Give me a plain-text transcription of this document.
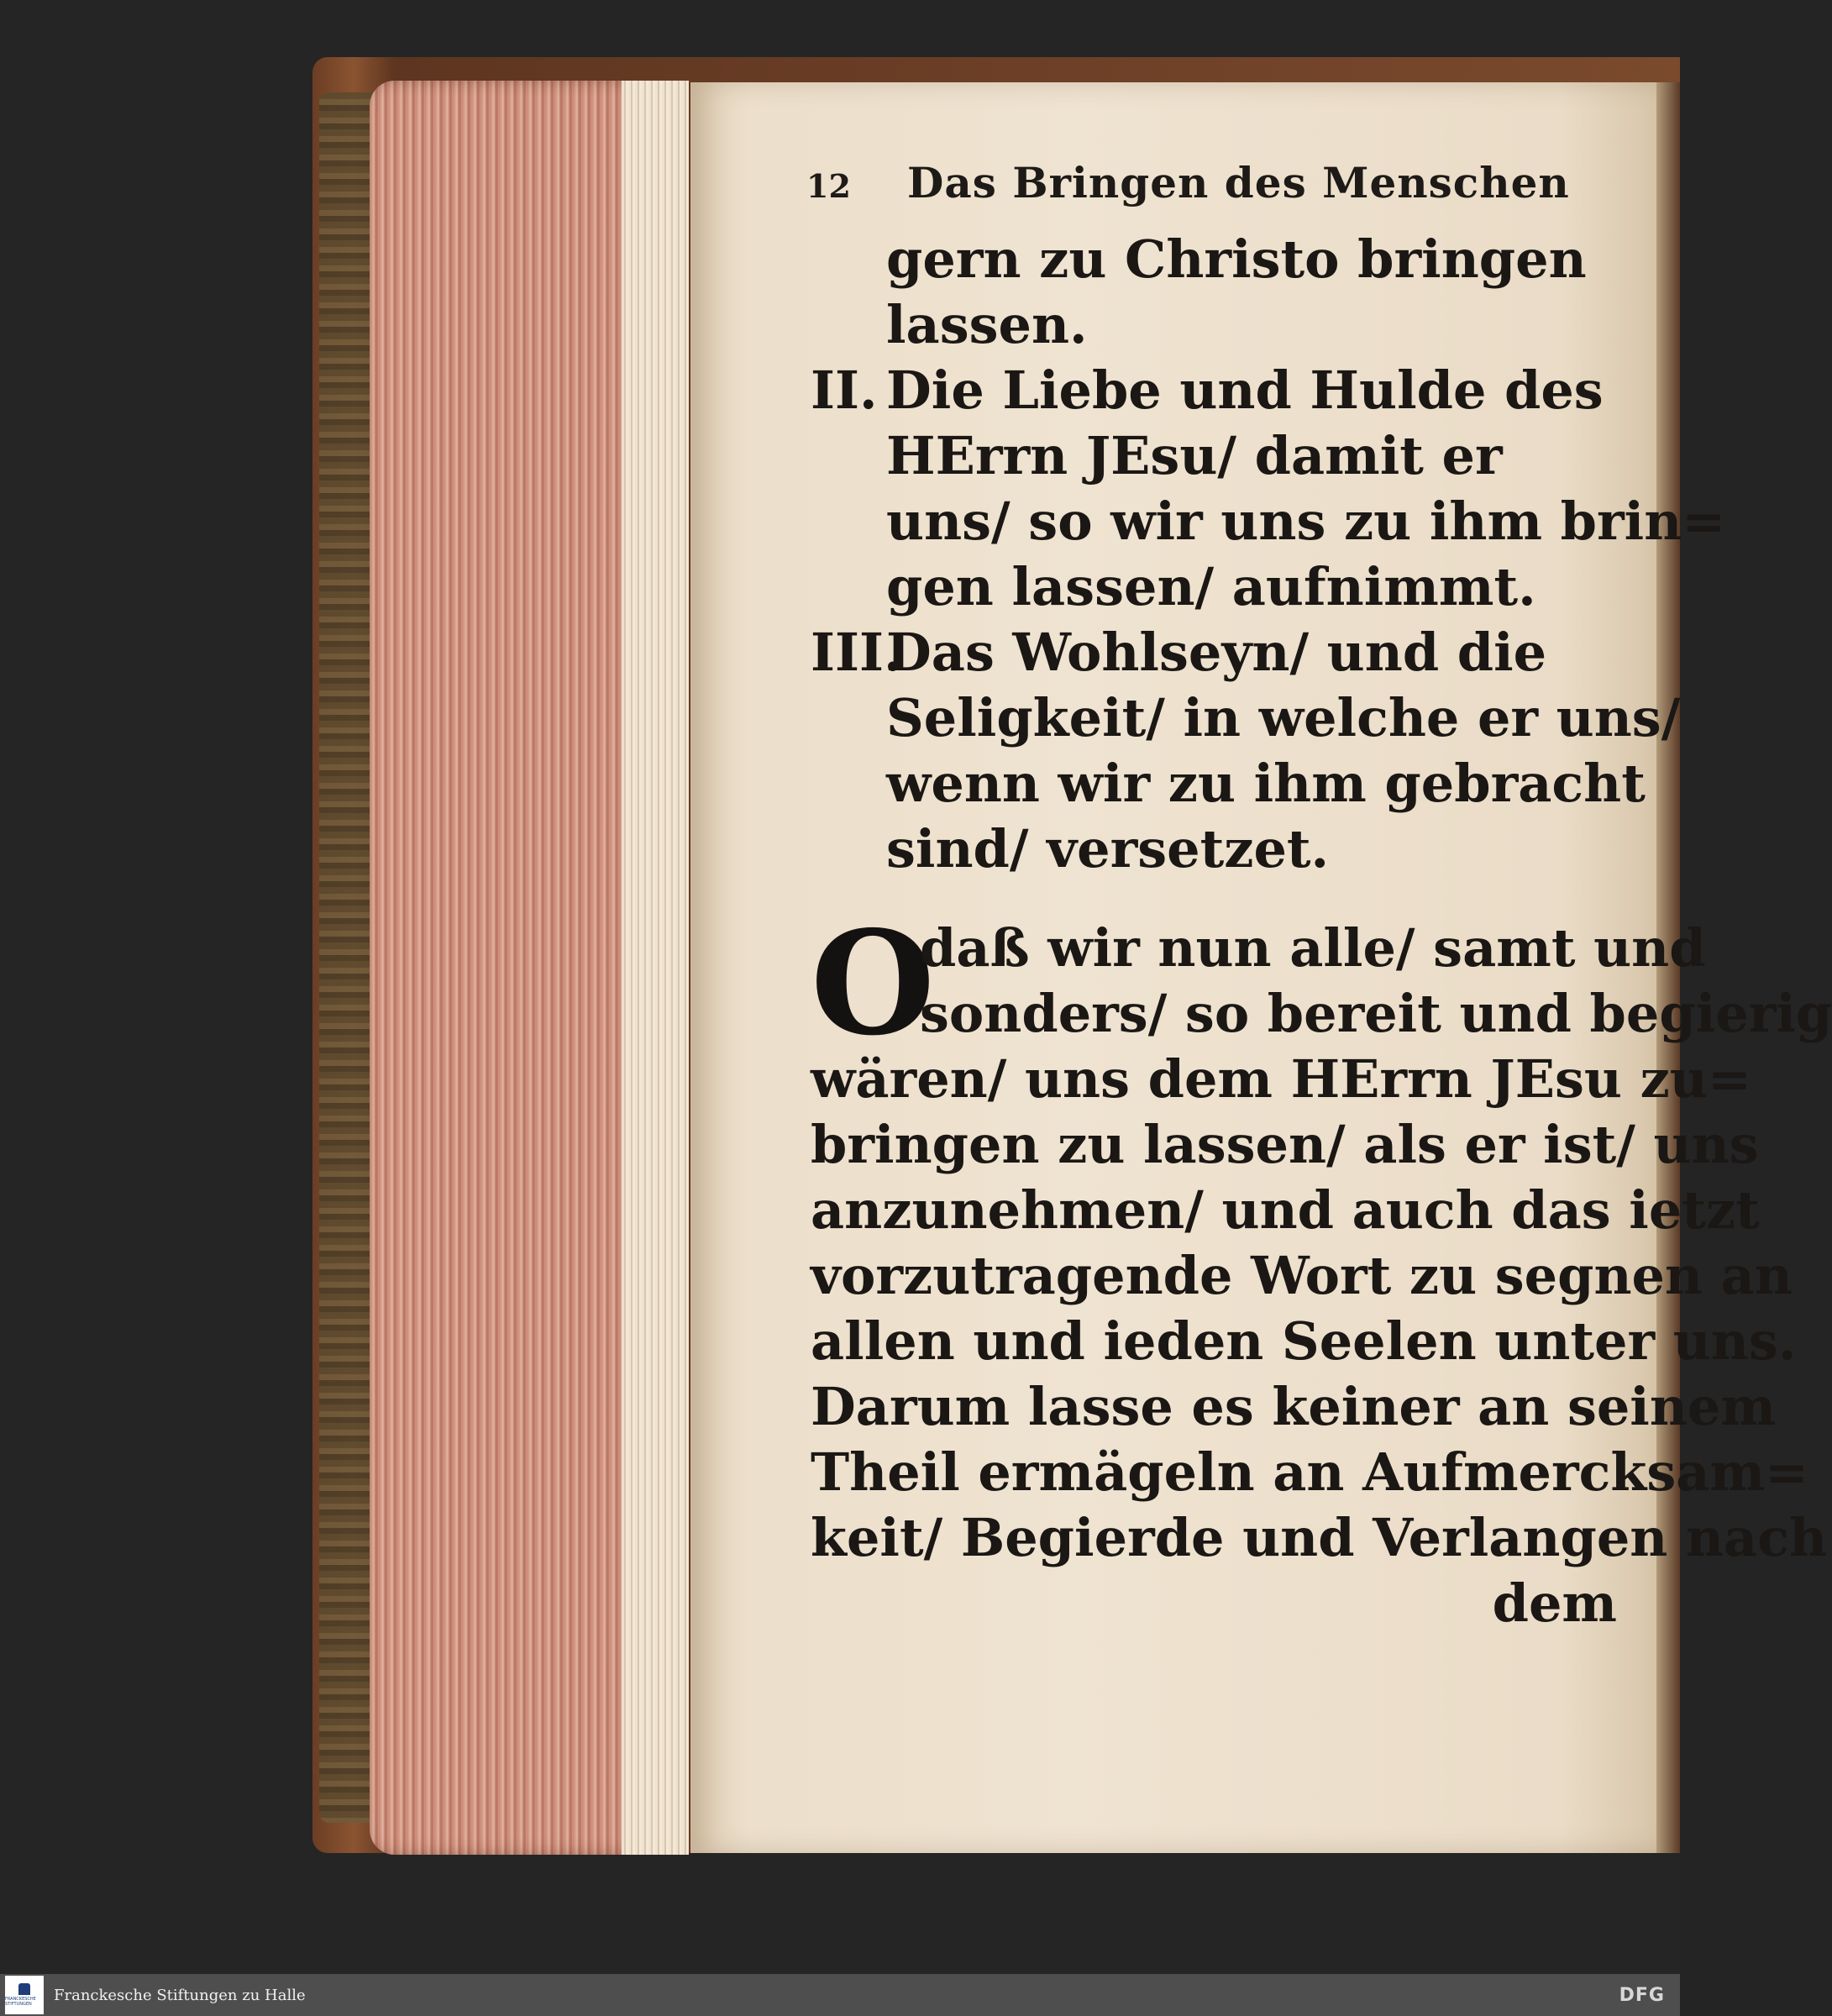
12	Das Bringen des Menschen
gern zu Christo bringen
lassen.
II. Die Liebe und Hulde des
HErrn JEsu/ damit er
uns/ so wir uns zu ihm brin=
gen lassen/ aufnimmt.
III.
Das Wohlseyn/ und die
Seligkeit/ in welche er uns/
wenn wir zu ihm gebracht
sind/ versetzet.
O
daß wir nun alle/ samt und
sonders/ so bereit und begierig
wären/ uns dem HErrn JEsu zu=
bringen zu lassen/ als er ist/ uns
anzunehmen/ und auch das ietzt
vorzutragende Wort zu segnen an
allen und ieden Seelen unter uns.
Darum lasse es keiner an seinem
Theil ermägeln an Aufmercksam=
keit/ Begierde und Verlangen nach
dem
FRANCKESCHE STIFTUNGEN
Franckesche Stiftungen zu Halle	DFG
